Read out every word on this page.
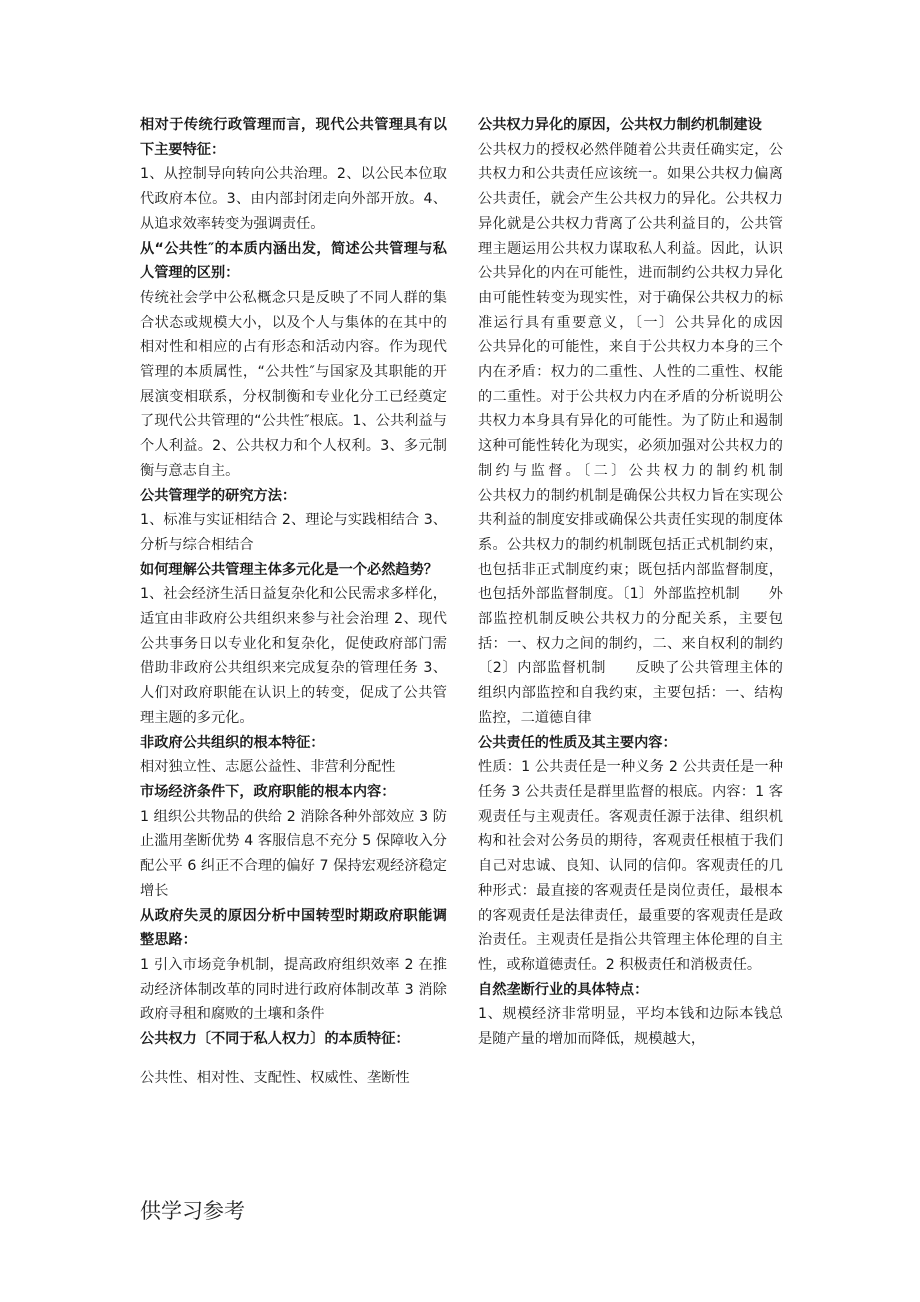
相对于传统行政管理而言，现代公共管理具有以下主要特征：

1、从控制导向转向公共治理。2、以公民本位取代政府本位。3、由内部封闭走向外部开放。4、从追求效率转变为强调责任。

从“公共性″的本质内涵出发，简述公共管理与私人管理的区别：

传统社会学中公私概念只是反映了不同人群的集合状态或规模大小，以及个人与集体的在其中的相对性和相应的占有形态和活动内容。作为现代管理的本质属性，“公共性″与国家及其职能的开展演变相联系，分权制衡和专业化分工已经奠定了现代公共管理的“公共性″根底。1、公共利益与个人利益。2、公共权力和个人权利。3、多元制衡与意志自主。

公共管理学的研究方法：

1、标准与实证相结合 2、理论与实践相结合 3、分析与综合相结合

如何理解公共管理主体多元化是一个必然趋势？

1、社会经济生活日益复杂化和公民需求多样化，适宜由非政府公共组织来参与社会治理 2、现代公共事务日以专业化和复杂化，促使政府部门需借助非政府公共组织来完成复杂的管理任务 3、人们对政府职能在认识上的转变，促成了公共管理主题的多元化。

非政府公共组织的根本特征：

相对独立性、志愿公益性、非营利分配性

市场经济条件下，政府职能的根本内容：

1 组织公共物品的供给 2 消除各种外部效应 3 防止滥用垄断优势 4 客服信息不充分 5 保障收入分配公平 6 纠正不合理的偏好 7 保持宏观经济稳定增长

从政府失灵的原因分析中国转型时期政府职能调整思路：

1 引入市场竞争机制，提高政府组织效率 2 在推动经济体制改革的同时进行政府体制改革 3 消除政府寻租和腐败的土壤和条件

公共权力〔不同于私人权力〕的本质特征：

公共性、相对性、支配性、权威性、垄断性

公共权力异化的原因，公共权力制约机制建设

公共权力的授权必然伴随着公共责任确实定，公共权力和公共责任应该统一。如果公共权力偏离公共责任，就会产生公共权力的异化。公共权力异化就是公共权力背离了公共利益目的，公共管理主题运用公共权力谋取私人利益。因此，认识公共异化的内在可能性，进而制约公共权力异化由可能性转变为现实性，对于确保公共权力的标准运行具有重要意义，〔一〕公共异化的成因　　　公共异化的可能性，来自于公共权力本身的三个内在矛盾：权力的二重性、人性的二重性、权能的二重性。对于公共权力内在矛盾的分析说明公共权力本身具有异化的可能性。为了防止和遏制这种可能性转化为现实，必须加强对公共权力的制约与监督。〔二〕公共权力的制约机制　　　公共权力的制约机制是确保公共权力旨在实现公共利益的制度安排或确保公共责任实现的制度体系。公共权力的制约机制既包括正式机制约束，也包括非正式制度约束；既包括内部监督制度，也包括外部监督制度。〔1〕外部监控机制　　外部监控机制反映公共权力的分配关系，主要包括：一、权力之间的制约，二、来自权利的制约〔2〕内部监督机制　　反映了公共管理主体的组织内部监控和自我约束，主要包括：一、结构监控，二道德自律

公共责任的性质及其主要内容：

性质：1 公共责任是一种义务 2 公共责任是一种任务 3 公共责任是群里监督的根底。内容：1 客观责任与主观责任。客观责任源于法律、组织机构和社会对公务员的期待，客观责任根植于我们自己对忠诚、良知、认同的信仰。客观责任的几种形式：最直接的客观责任是岗位责任，最根本的客观责任是法律责任，最重要的客观责任是政治责任。主观责任是指公共管理主体伦理的自主性，或称道德责任。2 积极责任和消极责任。

自然垄断行业的具体特点：

1、规模经济非常明显，平均本钱和边际本钱总是随产量的增加而降低，规模越大，

供学习参考
